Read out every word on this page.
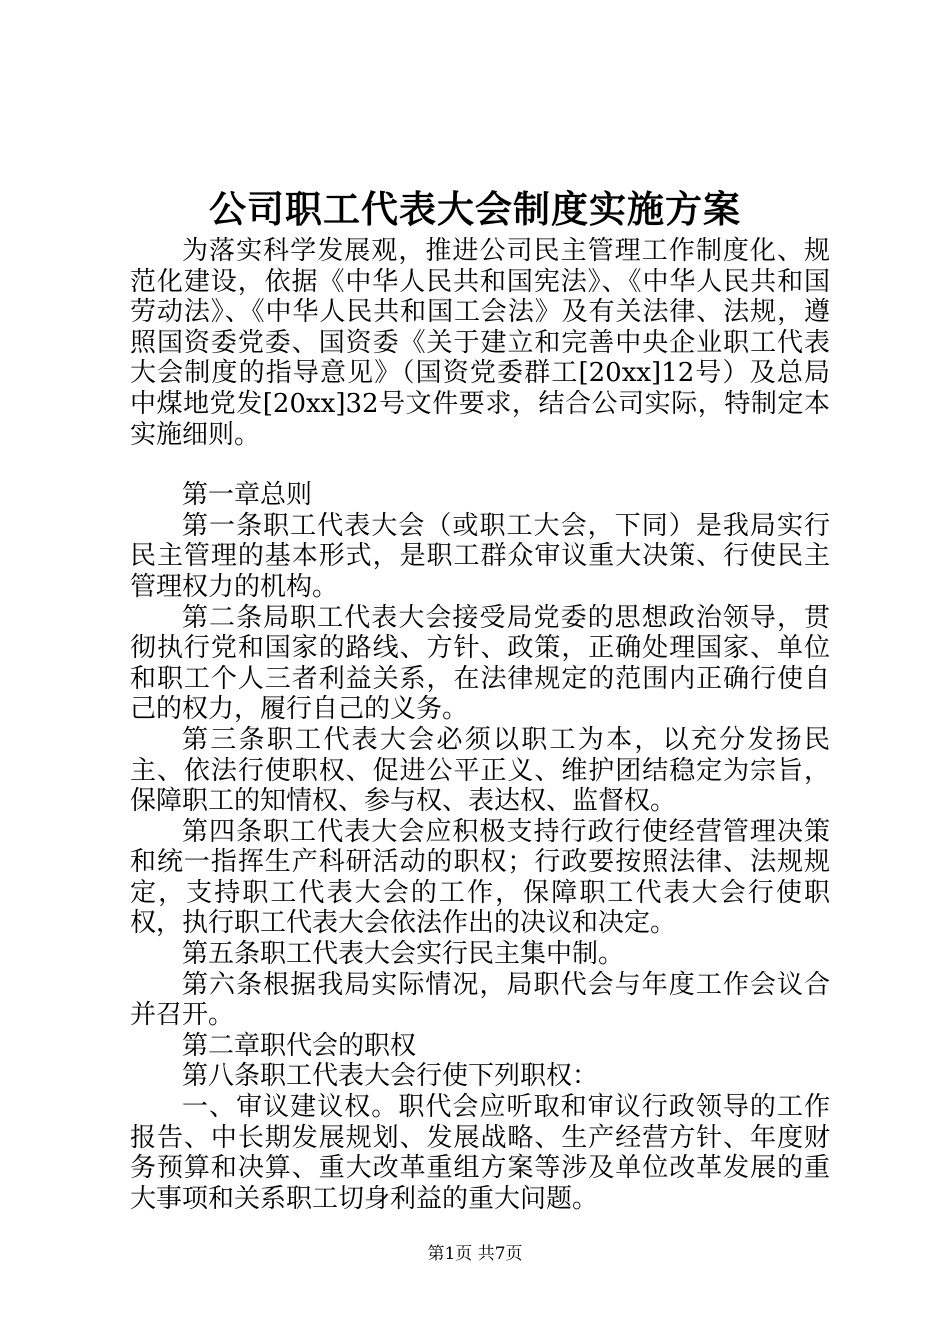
公司职工代表大会制度实施方案

为落实科学发展观，推进公司民主管理工作制度化、规范化建设，依据《中华人民共和国宪法》、《中华人民共和国劳动法》、《中华人民共和国工会法》及有关法律、法规，遵照国资委党委、国资委《关于建立和完善中央企业职工代表大会制度的指导意见》（国资党委群工[20xx]12号）及总局中煤地党发[20xx]32号文件要求，结合公司实际，特制定本实施细则。

第一章总则

第一条职工代表大会（或职工大会，下同）是我局实行民主管理的基本形式，是职工群众审议重大决策、行使民主管理权力的机构。

第二条局职工代表大会接受局党委的思想政治领导，贯彻执行党和国家的路线、方针、政策，正确处理国家、单位和职工个人三者利益关系，在法律规定的范围内正确行使自己的权力，履行自己的义务。

第三条职工代表大会必须以职工为本，以充分发扬民主、依法行使职权、促进公平正义、维护团结稳定为宗旨，保障职工的知情权、参与权、表达权、监督权。

第四条职工代表大会应积极支持行政行使经营管理决策和统一指挥生产科研活动的职权；行政要按照法律、法规规定，支持职工代表大会的工作，保障职工代表大会行使职权，执行职工代表大会依法作出的决议和决定。

第五条职工代表大会实行民主集中制。

第六条根据我局实际情况，局职代会与年度工作会议合并召开。

第二章职代会的职权

第八条职工代表大会行使下列职权：

一、审议建议权。职代会应听取和审议行政领导的工作报告、中长期发展规划、发展战略、生产经营方针、年度财务预算和决算、重大改革重组方案等涉及单位改革发展的重大事项和关系职工切身利益的重大问题。

第1页 共7页
